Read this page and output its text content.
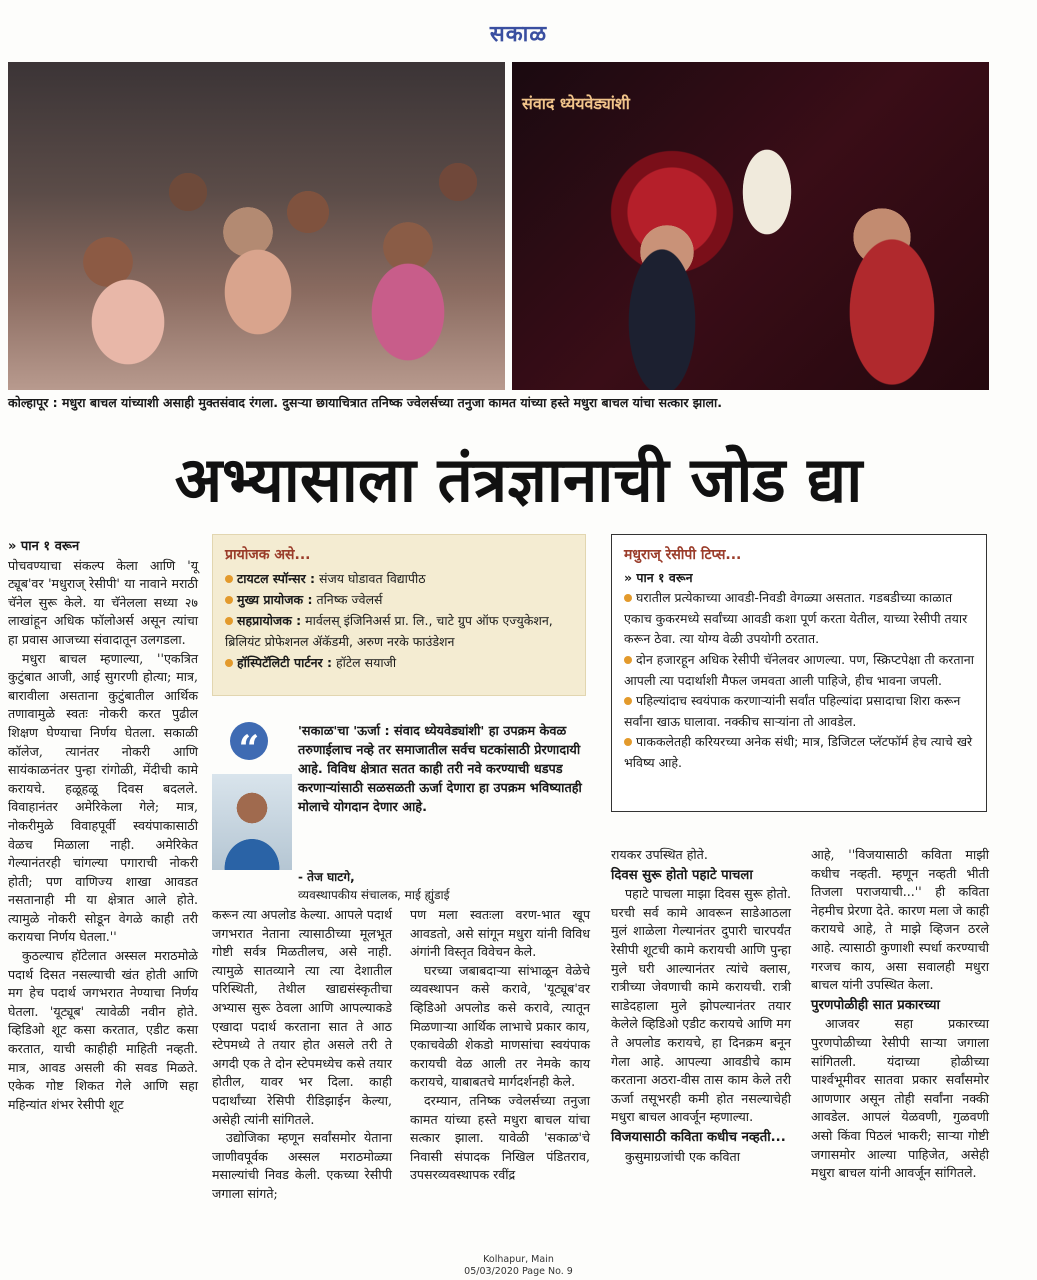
सकाळ
संवाद ध्येयवेड्यांशी
कोल्हापूर : मधुरा बाचल यांच्याशी असाही मुक्तसंवाद रंगला. दुसऱ्या छायाचित्रात तनिष्क ज्वेलर्सच्या तनुजा कामत यांच्या हस्ते मधुरा बाचल यांचा सत्कार झाला.
अभ्यासाला तंत्रज्ञानाची जोड द्या

» पान १ वरून

पोचवण्याचा संकल्प केला आणि 'यू ट्यूब'वर 'मधुराज् रेसीपी' या नावाने मराठी चॅनेल सुरू केले. या चॅनेलला सध्या २७ लाखांहून अधिक फॉलोअर्स असून त्यांचा हा प्रवास आजच्या संवादातून उलगडला.

मधुरा बाचल म्हणाल्या, ''एकत्रित कुटुंबात आजी, आई सुगरणी होत्या; मात्र, बारावीला असताना कुटुंबातील आर्थिक तणावामुळे स्वतः नोकरी करत पुढील शिक्षण घेण्याचा निर्णय घेतला. सकाळी कॉलेज, त्यानंतर नोकरी आणि सायंकाळनंतर पुन्हा रांगोळी, मेंदीची कामे करायचे. हळूहळू दिवस बदलले. विवाहानंतर अमेरिकेला गेले; मात्र, नोकरीमुळे विवाहपूर्वी स्वयंपाकासाठी वेळच मिळाला नाही. अमेरिकेत गेल्यानंतरही चांगल्या पगाराची नोकरी होती; पण वाणिज्य शाखा आवडत नसतानाही मी या क्षेत्रात आले होते. त्यामुळे नोकरी सोडून वेगळे काही तरी करायचा निर्णय घेतला.''

कुठल्याच हॉटेलात अस्सल मराठमोळे पदार्थ दिसत नसल्याची खंत होती आणि मग हेच पदार्थ जगभरात नेण्याचा निर्णय घेतला. 'यूट्यूब' त्यावेळी नवीन होते. व्हिडिओ शूट कसा करतात, एडीट कसा करतात, याची काहीही माहिती नव्हती. मात्र, आवड असली की सवड मिळते. एकेक गोष्ट शिकत गेले आणि सहा महिन्यांत शंभर रेसीपी शूट

प्रायोजक असे...
टायटल स्पॉन्सर : संजय घोडावत विद्यापीठ
मुख्य प्रायोजक : तनिष्क ज्वेलर्स
सहप्रायोजक : मार्वलस् इंजिनिअर्स प्रा. लि., चाटे ग्रुप ऑफ एज्युकेशन, ब्रिलियंट प्रोफेशनल ॲकॅडमी, अरुण नरके फाउंडेशन
हॉस्पिटॅलिटी पार्टनर : हॉटेल सयाजी
मधुराज् रेसीपी टिप्स...
» पान १ वरून

घरातील प्रत्येकाच्या आवडी-निवडी वेगळ्या असतात. गडबडीच्या काळात एकाच कुकरमध्ये सर्वांच्या आवडी कशा पूर्ण करता येतील, याच्या रेसीपी तयार करून ठेवा. त्या योग्य वेळी उपयोगी ठरतात.

दोन हजारहून अधिक रेसीपी चॅनेलवर आणल्या. पण, स्क्रिप्टपेक्षा ती करताना आपली त्या पदार्थाशी मैफल जमवता आली पाहिजे, हीच भावना जपली.

पहिल्यांदाच स्वयंपाक करणाऱ्यांनी सर्वांत पहिल्यांदा प्रसादाचा शिरा करून सर्वांना खाऊ घालावा. नक्कीच साऱ्यांना तो आवडेल.

पाककलेतही करियरच्या अनेक संधी; मात्र, डिजिटल प्लॅटफॉर्म हेच त्याचे खरे भविष्य आहे.

“	'सकाळ'चा 'ऊर्जा : संवाद ध्येयवेड्यांशी' हा उपक्रम केवळ तरुणाईलाच नव्हे तर समाजातील सर्वच घटकांसाठी प्रेरणादायी आहे. विविध क्षेत्रात सतत काही तरी नवे करण्याची धडपड करणाऱ्यांसाठी सळसळती ऊर्जा देणारा हा उपक्रम भविष्यातही मोलाचे योगदान देणार आहे.
- तेज घाटगे,
व्यवस्थापकीय संचालक, माई ह्युंडाई

करून त्या अपलोड केल्या. आपले पदार्थ जगभरात नेताना त्यासाठीच्या मूलभूत गोष्टी सर्वत्र मिळतीलच, असे नाही. त्यामुळे सातव्यानेे त्या त्या देशातील परिस्थिती, तेथील खाद्यसंस्कृतीचा अभ्यास सुरू ठेवला आणि आपल्याकडे एखादा पदार्थ करताना सात ते आठ स्टेपमध्ये ते तयार होत असले तरी ते अगदी एक ते दोन स्टेपमध्येच कसे तयार होतील, यावर भर दिला. काही पदार्थांच्या रेसिपी रीडिझाईन केल्या, असेही त्यांनी सांगितले.

उद्योजिका म्हणून सर्वांसमोर येताना जाणीवपूर्वक अस्सल मराठमोळ्या मसाल्यांची निवड केली. एकच्या रेसीपी जगाला सांगते;

पण मला स्वतःला वरण-भात खूप आवडतो, असे सांगून मधुरा यांनी विविध अंगांनी विस्तृत विवेचन केले.

घरच्या जबाबदाऱ्या सांभाळून वेळेचे व्यवस्थापन कसे करावे, 'यूट्यूब'वर व्हिडिओ अपलोड कसे करावे, त्यातून मिळणाऱ्या आर्थिक लाभाचे प्रकार काय, एकाचवेळी शेकडो माणसांचा स्वयंपाक करायची वेळ आली तर नेमके काय करायचे, याबाबतचे मार्गदर्शनही केले.

दरम्यान, तनिष्क ज्वेलर्सच्या तनुजा कामत यांच्या हस्ते मधुरा बाचल यांचा सत्कार झाला. यावेळी 'सकाळ'चे निवासी संपादक निखिल पंडितराव, उपसरव्यवस्थापक रवींद्र

रायकर उपस्थित होते.

दिवस सुरू होतो पहाटे पाचला

पहाटे पाचला माझा दिवस सुरू होतो. घरची सर्व कामे आवरून साडेआठला मुलं शाळेला गेल्यानंतर दुपारी चारपर्यंत रेसीपी शूटची कामे करायची आणि पुन्हा मुले घरी आल्यानंतर त्यांचे क्लास, रात्रीच्या जेवणाची कामे करायची. रात्री साडेदहाला मुले झोपल्यानंतर तयार केलेले व्हिडिओ एडीट करायचे आणि मग ते अपलोड करायचे, हा दिनक्रम बनून गेला आहे. आपल्या आवडीचे काम करताना अठरा-वीस तास काम केले तरी ऊर्जा तसूभरही कमी होत नसल्याचेही मधुरा बाचल आवर्जून म्हणाल्या.

विजयासाठी कविता कधीच नव्हती...

कुसुमाग्रजांची एक कविता

आहे, ''विजयासाठी कविता माझी कधीच नव्हती. म्हणून नव्हती भीती तिजला पराजयाची...'' ही कविता नेहमीच प्रेरणा देते. कारण मला जे काही करायचे आहे, ते माझे व्हिजन ठरले आहे. त्यासाठी कुणाशी स्पर्धा करण्याची गरजच काय, असा सवालही मधुरा बाचल यांनी उपस्थित केला.

पुरणपोळीही सात प्रकारच्या

आजवर सहा प्रकारच्या पुरणपोळीच्या रेसीपी साऱ्या जगाला सांगितली. यंदाच्या होळीच्या पार्श्वभूमीवर सातवा प्रकार सर्वांसमोर आणणार असून तोही सर्वांना नक्की आवडेल. आपलं येळवणी, गुळवणी असो किंवा पिठलं भाकरी; साऱ्या गोष्टी जगासमोर आल्या पाहिजेत, असेही मधुरा बाचल यांनी आवर्जून सांगितले.

Kolhapur, Main
05/03/2020 Page No. 9
